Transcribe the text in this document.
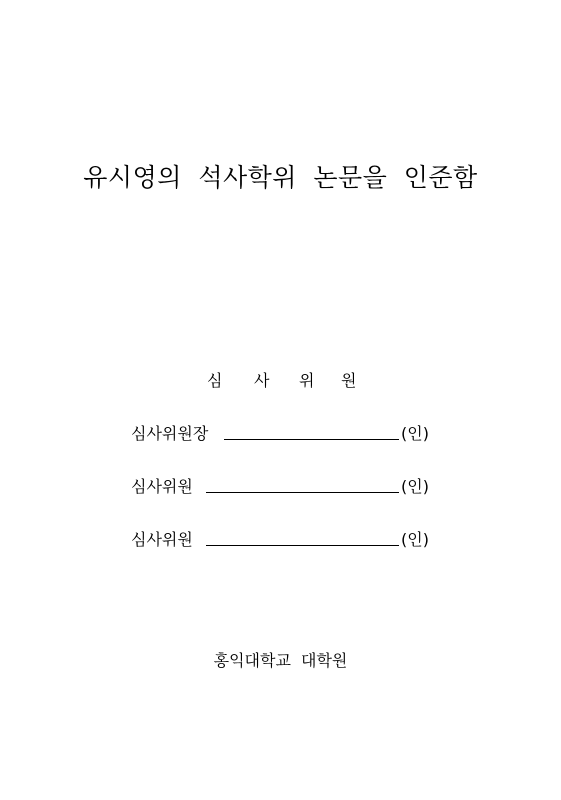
유시영의 석사학위 논문을 인준함
심 사 위 원
심사위원장	(인)
심사위원	(인)
심사위원	(인)
홍익대학교 대학원
